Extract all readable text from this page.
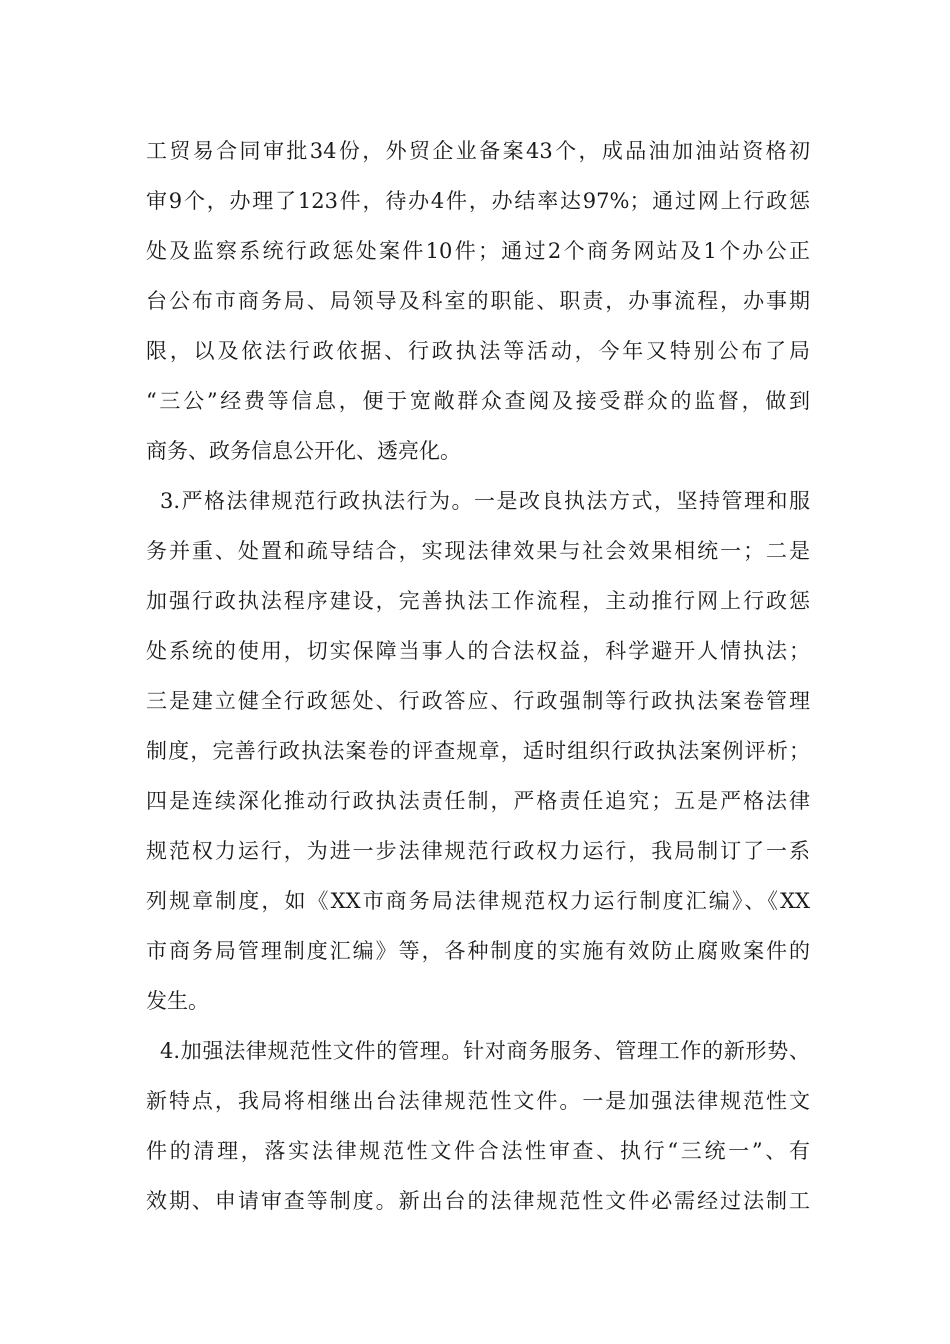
工贸易合同审批34份，外贸企业备案43个，成品油加油站资格初
审9个，办理了123件，待办4件，办结率达97%；通过网上行政惩
处及监察系统行政惩处案件10件；通过2个商务网站及1个办公正
台公布市商务局、局领导及科室的职能、职责，办事流程，办事期
限，以及依法行政依据、行政执法等活动，今年又特别公布了局
“三公”经费等信息，便于宽敞群众查阅及接受群众的监督，做到
商务、政务信息公开化、透亮化。
3.严格法律规范行政执法行为。一是改良执法方式，坚持管理和服
务并重、处置和疏导结合，实现法律效果与社会效果相统一；二是
加强行政执法程序建设，完善执法工作流程，主动推行网上行政惩
处系统的使用，切实保障当事人的合法权益，科学避开人情执法；
三是建立健全行政惩处、行政答应、行政强制等行政执法案卷管理
制度，完善行政执法案卷的评查规章，适时组织行政执法案例评析；
四是连续深化推动行政执法责任制，严格责任追究；五是严格法律
规范权力运行，为进一步法律规范行政权力运行，我局制订了一系
列规章制度，如《XX市商务局法律规范权力运行制度汇编》、《XX
市商务局管理制度汇编》等，各种制度的实施有效防止腐败案件的
发生。
4.加强法律规范性文件的管理。针对商务服务、管理工作的新形势、
新特点，我局将相继出台法律规范性文件。一是加强法律规范性文
件的清理，落实法律规范性文件合法性审查、执行“三统一”、有
效期、申请审查等制度。新出台的法律规范性文件必需经过法制工
